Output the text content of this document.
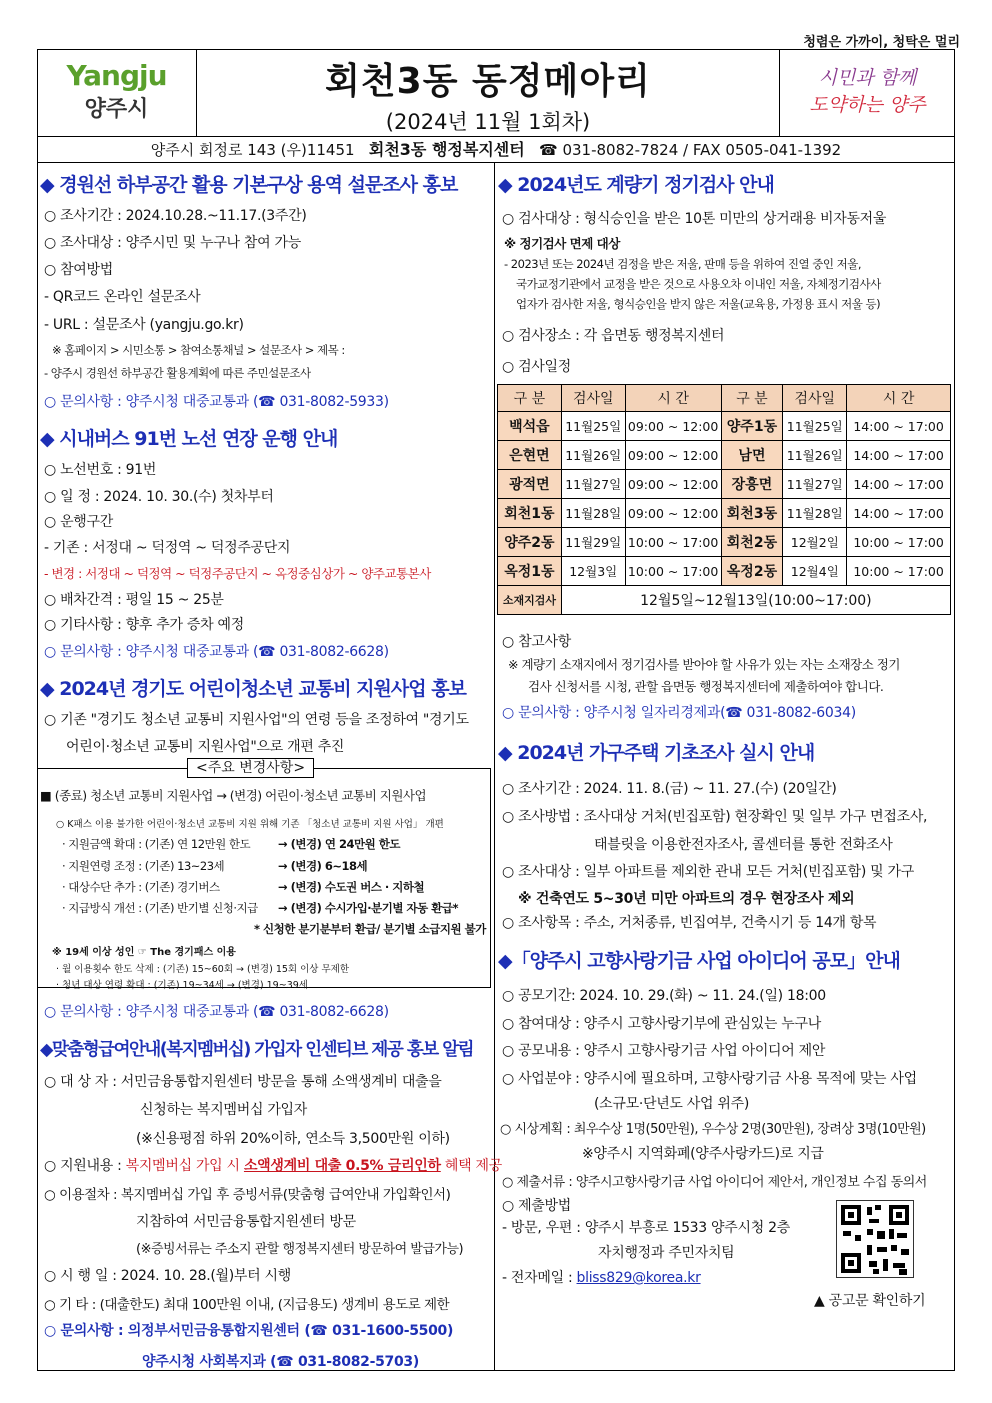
청렴은 가까이, 청탁은 멀리
Yangju
양주시
회천3동 동정메아리
(2024년 11월 1회차)
시민과 함께
도약하는 양주
양주시 회정로 143 (우)11451 회천3동 행정복지센터 ☎ 031-8082-7824 / FAX 0505-041-1392
◆ 경원선 하부공간 활용 기본구상 용역 설문조사 홍보
○ 조사기간 : 2024.10.28.~11.17.(3주간)
○ 조사대상 : 양주시민 및 누구나 참여 가능
○ 참여방법
- QR코드 온라인 설문조사
- URL : 설문조사 (yangju.go.kr)
※ 홈페이지 > 시민소통 > 참여소통채널 > 설문조사 > 제목 :
- 양주시 경원선 하부공간 활용계획에 따른 주민설문조사
○ 문의사항 : 양주시청 대중교통과 (☎ 031-8082-5933)
◆ 시내버스 91번 노선 연장 운행 안내
○ 노선번호 : 91번
○ 일 정 : 2024. 10. 30.(수) 첫차부터
○ 운행구간
- 기존 : 서정대 ~ 덕정역 ~ 덕정주공단지
- 변경 : 서정대 ~ 덕정역 ~ 덕정주공단지 ~ 옥정중심상가 ~ 양주교통본사
○ 배차간격 : 평일 15 ~ 25분
○ 기타사항 : 향후 추가 증차 예정
○ 문의사항 : 양주시청 대중교통과 (☎ 031-8082-6628)
◆ 2024년 경기도 어린이청소년 교통비 지원사업 홍보
○ 기존 "경기도 청소년 교통비 지원사업"의 연령 등을 조정하여 "경기도
어린이·청소년 교통비 지원사업"으로 개편 추진
<주요 변경사항>
■ (종료) 청소년 교통비 지원사업 → (변경) 어린이·청소년 교통비 지원사업
○ K패스 이용 불가한 어린이·청소년 교통비 지원 위해 기존 「청소년 교통비 지원 사업」 개편
· 지원금액 확대 : (기존) 연 12만원 한도 → (변경) 연 24만원 한도
· 지원연령 조정 : (기존) 13~23세	→ (변경) 6~18세
· 대상수단 추가 : (기존) 경기버스	→ (변경) 수도권 버스 · 지하철
· 지급방식 개선 : (기존) 반기별 신청·지급 → (변경) 수시가입·분기별 자동 환급*
* 신청한 분기분부터 환급/ 분기별 소급지원 불가
※ 19세 이상 성인 ☞ The 경기패스 이용
· 월 이용횟수 한도 삭제 : (기존) 15~60회 → (변경) 15회 이상 무제한
· 청년 대상 연령 확대 : (기존) 19~34세 → (변경) 19~39세
○ 문의사항 : 양주시청 대중교통과 (☎ 031-8082-6628)
◆맞춤형급여안내(복지멤버십) 가입자 인센티브 제공 홍보 알림
○ 대 상 자 : 서민금융통합지원센터 방문을 통해 소액생계비 대출을
신청하는 복지멤버십 가입자
(※신용평점 하위 20%이하, 연소득 3,500만원 이하)
○ 지원내용 : 복지멤버십 가입 시 소액생계비 대출 0.5% 금리인하 혜택 제공
○ 이용절차 : 복지멤버십 가입 후 증빙서류(맞춤형 급여안내 가입확인서)
지참하여 서민금융통합지원센터 방문
(※증빙서류는 주소지 관할 행정복지센터 방문하여 발급가능)
○ 시 행 일 : 2024. 10. 28.(월)부터 시행
○ 기 타 : (대출한도) 최대 100만원 이내, (지급용도) 생계비 용도로 제한
○ 문의사항 : 의정부서민금융통합지원센터 (☎ 031-1600-5500)
양주시청 사회복지과 (☎ 031-8082-5703)
◆ 2024년도 계량기 정기검사 안내
○ 검사대상 : 형식승인을 받은 10톤 미만의 상거래용 비자동저울
※ 정기검사 면제 대상
- 2023년 또는 2024년 검정을 받은 저울, 판매 등을 위하여 진열 중인 저울,
국가교정기관에서 교정을 받은 것으로 사용오차 이내인 저울, 자체정기검사사
업자가 검사한 저울, 형식승인을 받지 않은 저울(교육용, 가정용 표시 저울 등)
○ 검사장소 : 각 읍면동 행정복지센터
○ 검사일정
구 분	검사일	시 간	구 분	검사일	시 간
백석읍	11월25일	09:00 ~ 12:00	양주1동	11월25일	14:00 ~ 17:00
은현면	11월26일	09:00 ~ 12:00	남면	11월26일	14:00 ~ 17:00
광적면	11월27일	09:00 ~ 12:00	장흥면	11월27일	14:00 ~ 17:00
회천1동	11월28일	09:00 ~ 12:00	회천3동	11월28일	14:00 ~ 17:00
양주2동	11월29일	10:00 ~ 17:00	회천2동	12월2일	10:00 ~ 17:00
옥정1동	12월3일	10:00 ~ 17:00	옥정2동	12월4일	10:00 ~ 17:00
소재지검사	12월5일~12월13일(10:00~17:00)				
○ 참고사항
※ 계량기 소재지에서 정기검사를 받아야 할 사유가 있는 자는 소재장소 정기
검사 신청서를 시청, 관할 읍면동 행정복지센터에 제출하여야 합니다.
○ 문의사항 : 양주시청 일자리경제과(☎ 031-8082-6034)
◆ 2024년 가구주택 기초조사 실시 안내
○ 조사기간 : 2024. 11. 8.(금) ~ 11. 27.(수) (20일간)
○ 조사방법 : 조사대상 거처(빈집포함) 현장확인 및 일부 가구 면접조사,
태블릿을 이용한전자조사, 콜센터를 통한 전화조사
○ 조사대상 : 일부 아파트를 제외한 관내 모든 거처(빈집포함) 및 가구
※ 건축연도 5~30년 미만 아파트의 경우 현장조사 제외
○ 조사항목 : 주소, 거처종류, 빈집여부, 건축시기 등 14개 항목
◆「양주시 고향사랑기금 사업 아이디어 공모」안내
○ 공모기간: 2024. 10. 29.(화) ~ 11. 24.(일) 18:00
○ 참여대상 : 양주시 고향사랑기부에 관심있는 누구나
○ 공모내용 : 양주시 고향사랑기금 사업 아이디어 제안
○ 사업분야 : 양주시에 필요하며, 고향사랑기금 사용 목적에 맞는 사업
(소규모·단년도 사업 위주)
○ 시상계획 : 최우수상 1명(50만원), 우수상 2명(30만원), 장려상 3명(10만원)
※양주시 지역화폐(양주사랑카드)로 지급
○ 제출서류 : 양주시고향사랑기금 사업 아이디어 제안서, 개인정보 수집 동의서
○ 제출방법
- 방문, 우편 : 양주시 부흥로 1533 양주시청 2층
자치행정과 주민자치팀
- 전자메일 : bliss829@korea.kr
▲ 공고문 확인하기
